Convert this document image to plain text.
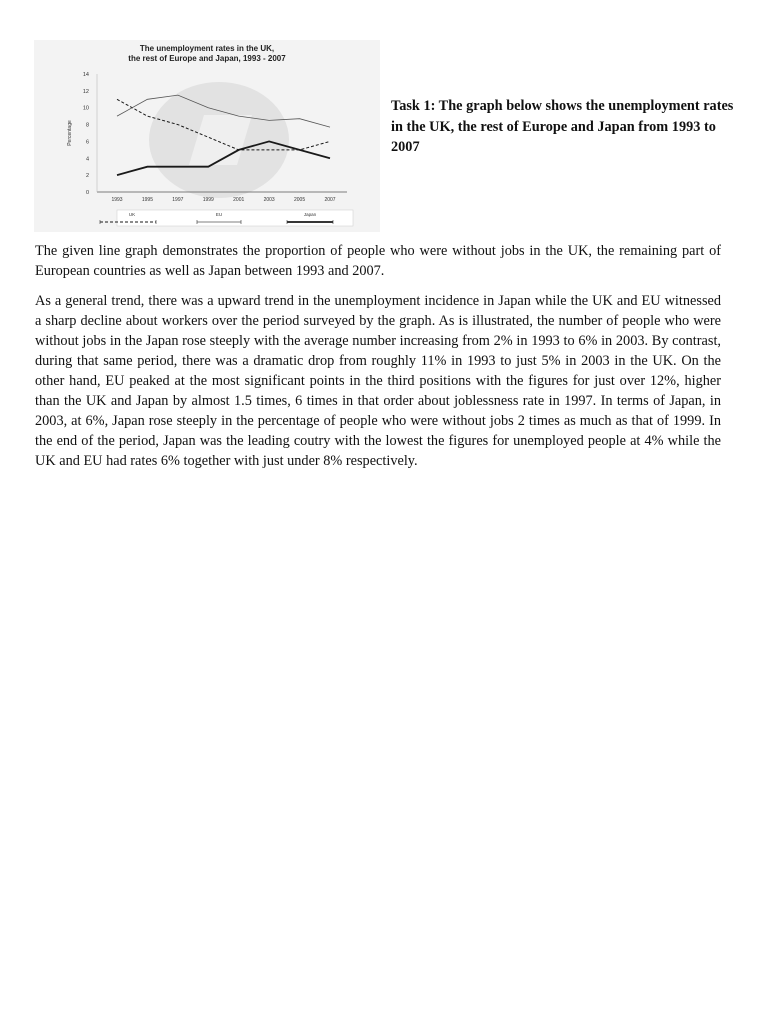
The unemployment rates in the UK,
the rest of Europe and Japan, 1993 - 2007
0
2
4
6
8
10
12
14
1993	1995	1997	1999	2001	2003	2005	2007
Percentage
UK	EU	Japan
Task 1: The graph below shows the unemployment rates in the UK, the rest of Europe and Japan from 1993 to 2007

The given line graph demonstrates the proportion of people who were without jobs in the UK, the remaining part of European countries as well as Japan between 1993 and 2007.

As a general trend, there was a upward trend in the unemployment incidence in Japan while the UK and EU witnessed a sharp decline about workers over the period surveyed by the graph. As is illustrated, the number of people who were without jobs in the Japan rose steeply with the average number increasing from 2% in 1993 to 6% in 2003. By contrast, during that same period, there was a dramatic drop from roughly 11% in 1993 to just 5% in 2003 in the UK. On the other hand, EU peaked at the most significant points in the third positions with the figures for just over 12%, higher than the UK and Japan by almost 1.5 times, 6 times in that order about joblessness rate in 1997. In terms of Japan, in 2003, at 6%, Japan rose steeply in the percentage of people who were without jobs 2 times as much as that of 1999. In the end of the period, Japan was the leading coutry with the lowest the figures for unemployed people at 4% while the UK and EU had rates 6% together with just under 8% respectively.
